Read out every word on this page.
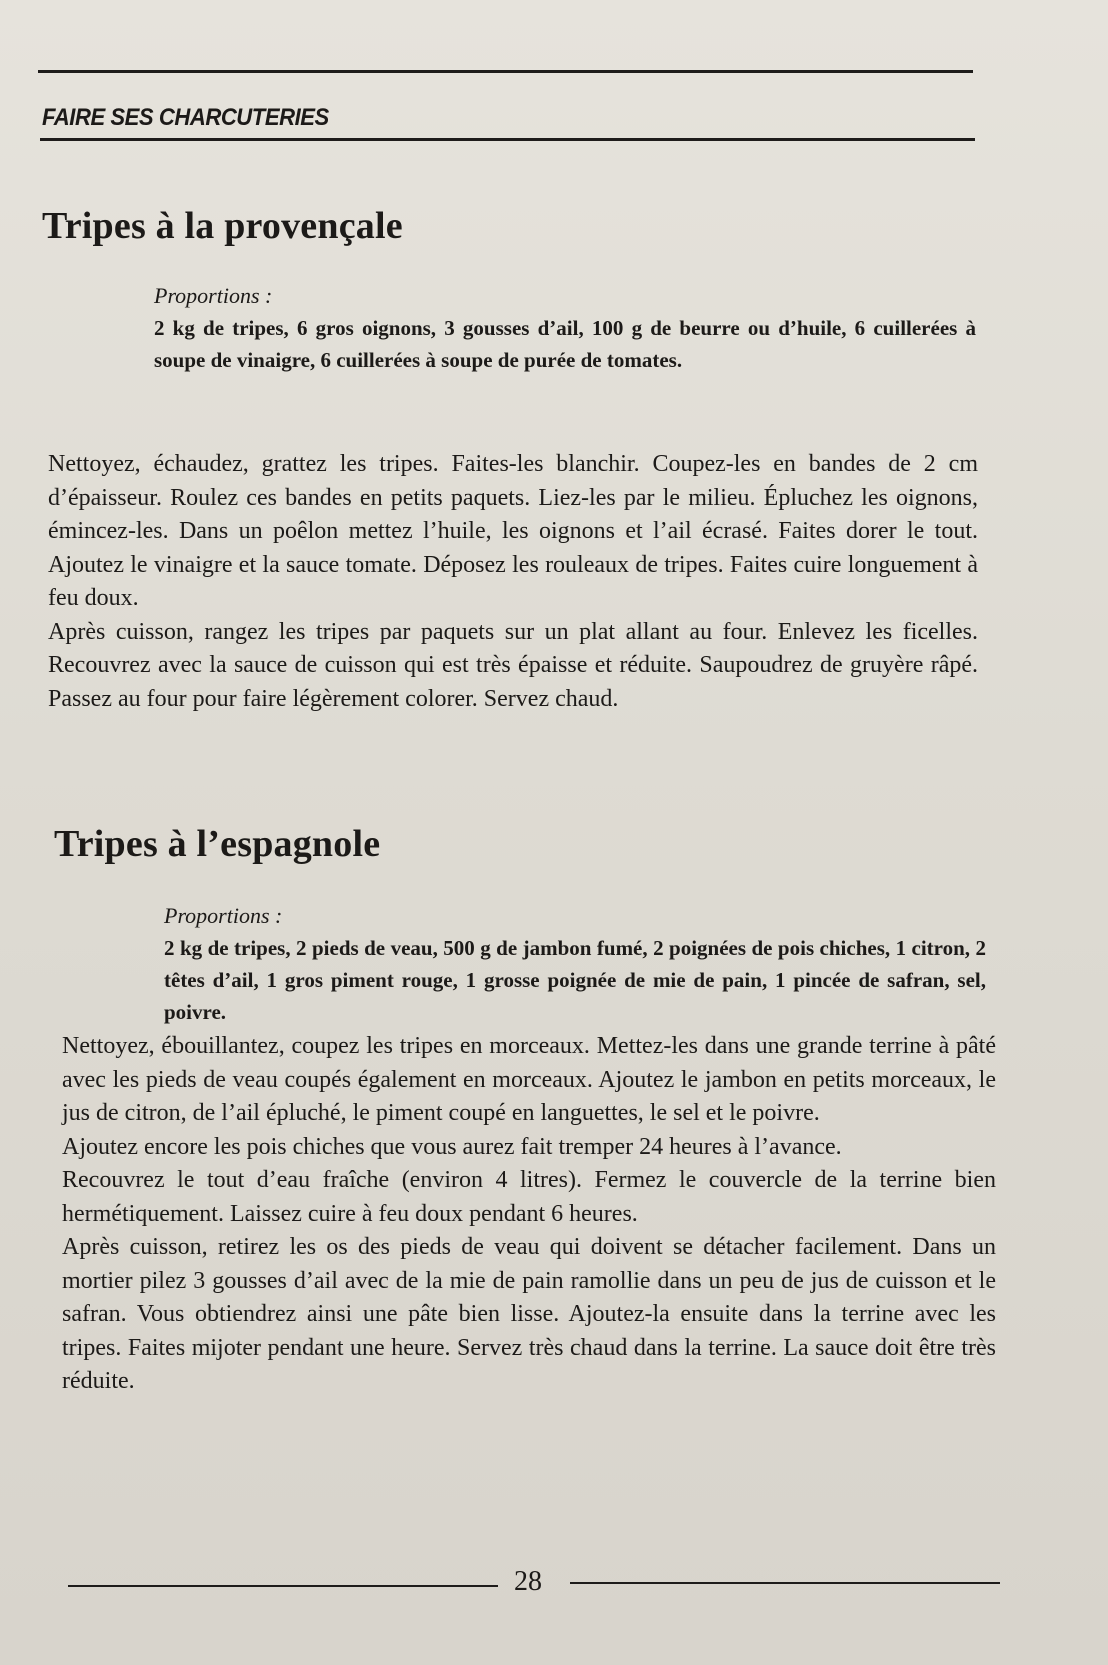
FAIRE SES CHARCUTERIES
Tripes à la provençale
Proportions :
2 kg de tripes, 6 gros oignons, 3 gousses d’ail, 100 g de beurre ou d’huile, 6 cuillerées à soupe de vinaigre, 6 cuillerées à soupe de purée de tomates.

Nettoyez, échaudez, grattez les tripes. Faites-les blanchir. Coupez-les en bandes de 2 cm d’épaisseur. Roulez ces bandes en petits paquets. Liez-les par le milieu. Épluchez les oignons, émincez-les. Dans un poêlon mettez l’huile, les oignons et l’ail écrasé. Faites dorer le tout. Ajoutez le vinaigre et la sauce tomate. Déposez les rouleaux de tripes. Faites cuire longuement à feu doux.

Après cuisson, rangez les tripes par paquets sur un plat allant au four. Enlevez les ficelles. Recouvrez avec la sauce de cuisson qui est très épaisse et réduite. Saupoudrez de gruyère râpé. Passez au four pour faire légèrement colorer. Servez chaud.

Tripes à l’espagnole
Proportions :
2 kg de tripes, 2 pieds de veau, 500 g de jambon fumé, 2 poignées de pois chiches, 1 citron, 2 têtes d’ail, 1 gros piment rouge, 1 grosse poignée de mie de pain, 1 pincée de safran, sel, poivre.

Nettoyez, ébouillantez, coupez les tripes en morceaux. Mettez-les dans une grande terrine à pâté avec les pieds de veau coupés également en morceaux. Ajoutez le jambon en petits morceaux, le jus de citron, de l’ail épluché, le piment coupé en languettes, le sel et le poivre.

Ajoutez encore les pois chiches que vous aurez fait tremper 24 heures à l’avance.

Recouvrez le tout d’eau fraîche (environ 4 litres). Fermez le couvercle de la terrine bien hermétiquement. Laissez cuire à feu doux pendant 6 heures.

Après cuisson, retirez les os des pieds de veau qui doivent se détacher facilement. Dans un mortier pilez 3 gousses d’ail avec de la mie de pain ramollie dans un peu de jus de cuisson et le safran. Vous obtiendrez ainsi une pâte bien lisse. Ajoutez-la ensuite dans la terrine avec les tripes. Faites mijoter pendant une heure. Servez très chaud dans la terrine. La sauce doit être très réduite.

28
